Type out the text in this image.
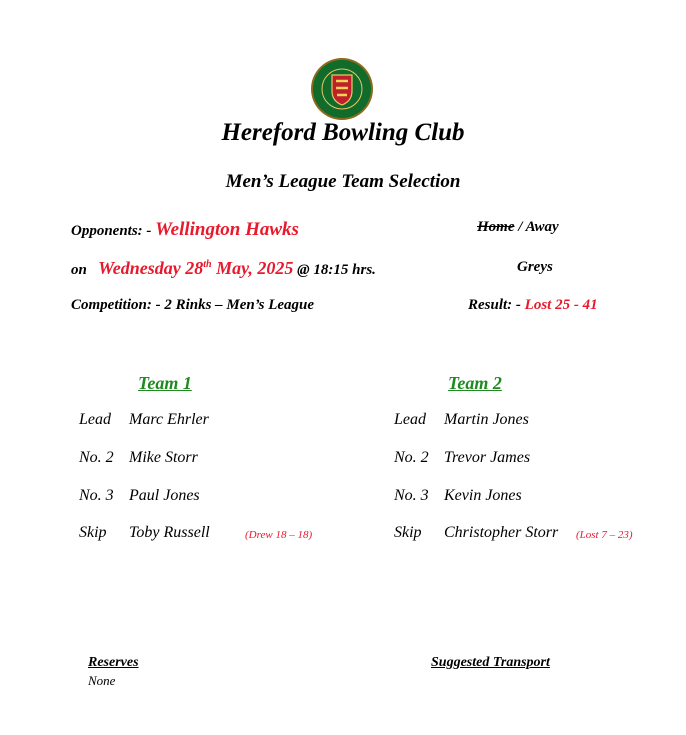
Hereford Bowling Club
Men’s League Team Selection
Opponents: - Wellington Hawks	Home / Away
on Wednesday 28th May, 2025 @ 18:15 hrs.	Greys
Competition: - 2 Rinks – Men’s League	Result: - Lost 25 - 41
Team 1	Team 2
Lead Marc Ehrler
No. 2 Mike Storr
No. 3 Paul Jones
Skip Toby Russell	(Drew 18 – 18)
Lead Martin Jones
No. 2 Trevor James
No. 3 Kevin Jones
Skip Christopher Storr (Lost 7 – 23)
Reserves
None
Suggested Transport
